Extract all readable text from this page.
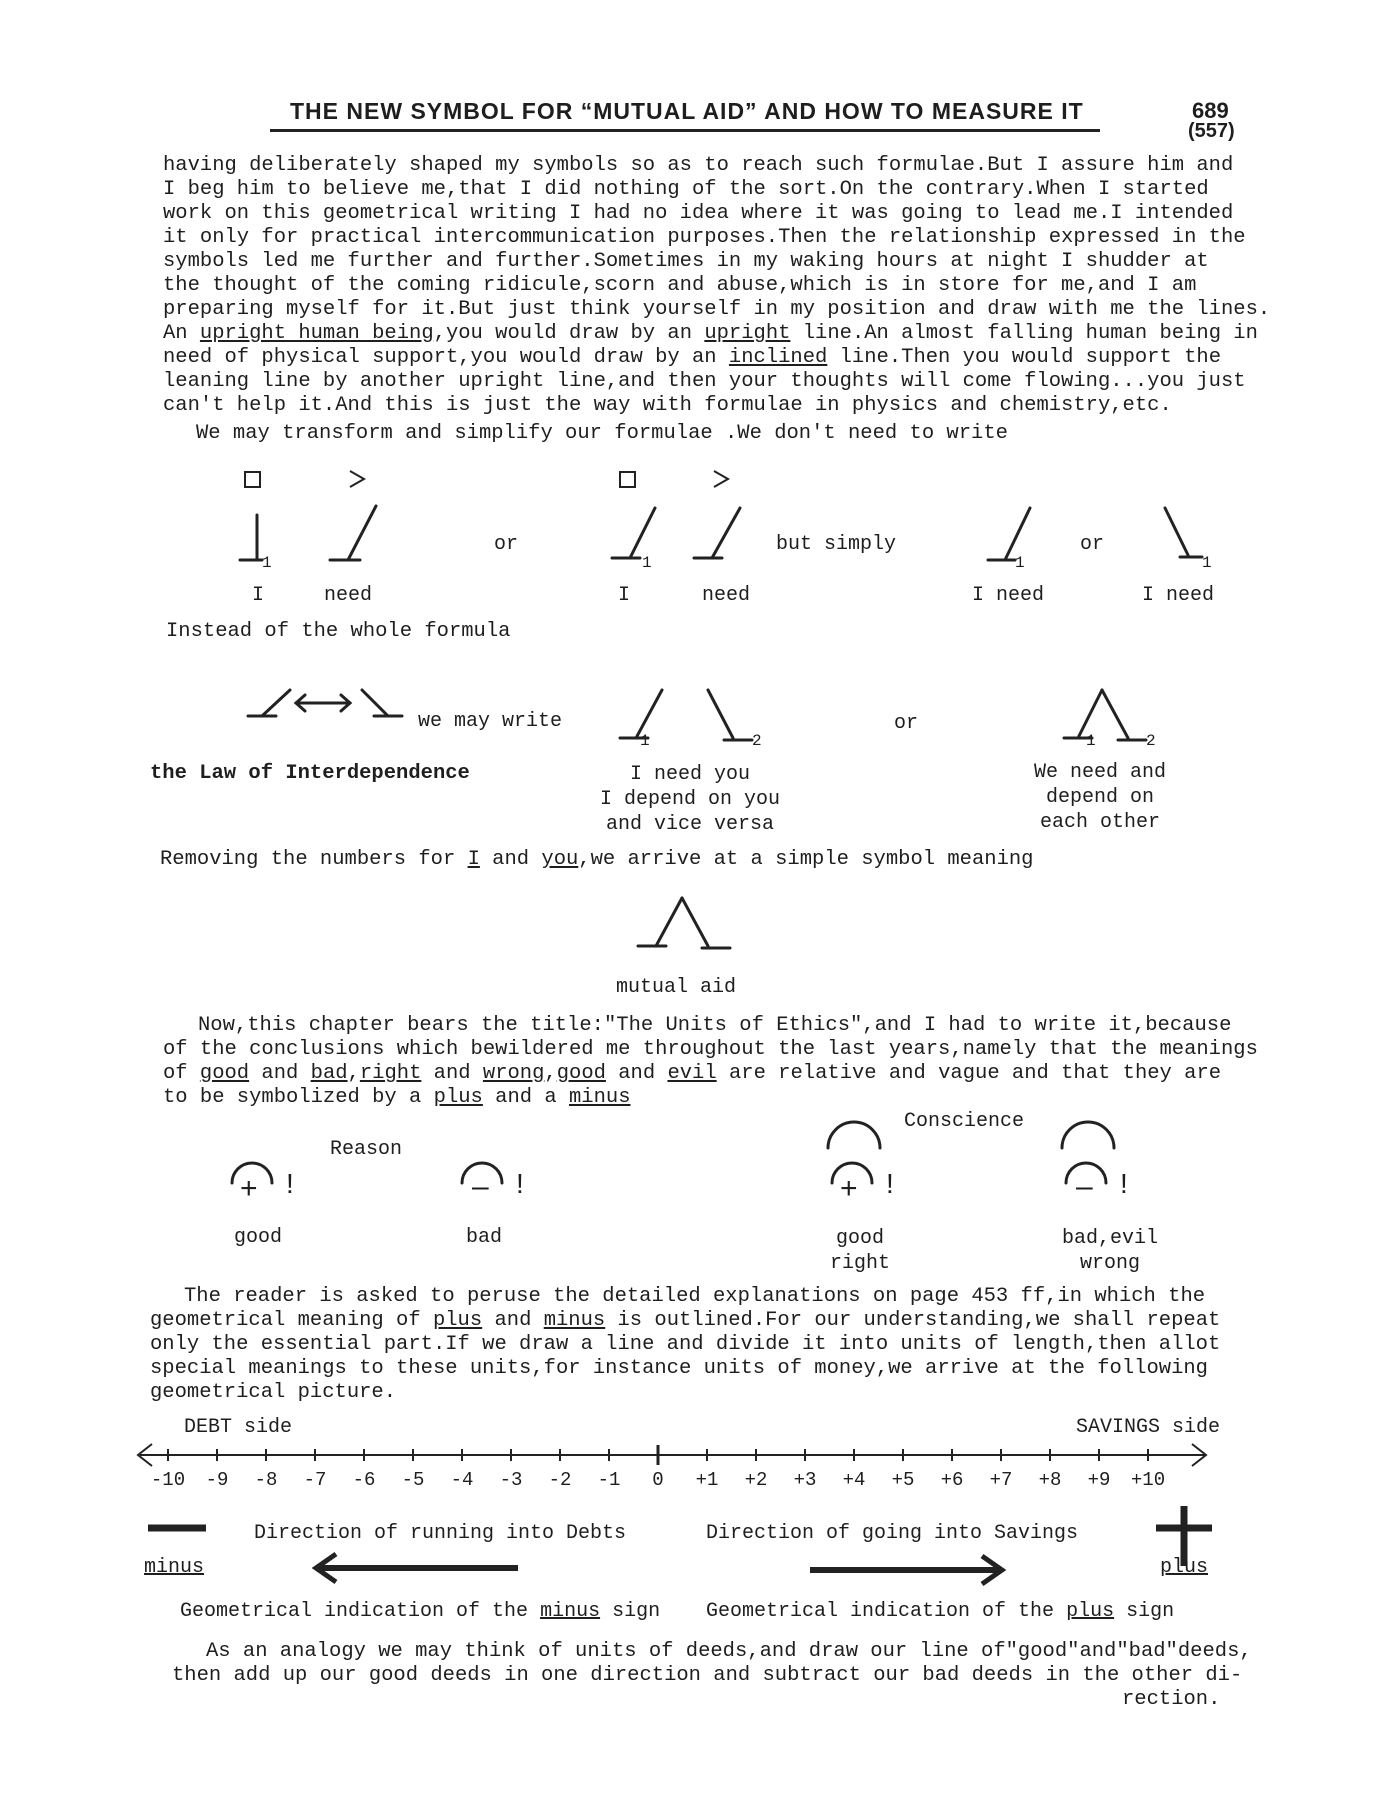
THE NEW SYMBOL FOR “MUTUAL AID” AND HOW TO MEASURE IT	689
(557)
having deliberately shaped my symbols so as to reach such formulae.But I assure him and
I beg him to believe me,that I did nothing of the sort.On the contrary.When I started
work on this geometrical writing I had no idea where it was going to lead me.I intended
it only for practical intercommunication purposes.Then the relationship expressed in the
symbols led me further and further.Sometimes in my waking hours at night I shudder at
the thought of the coming ridicule,scorn and abuse,which is in store for me,and I am
preparing myself for it.But just think yourself in my position and draw with me the lines.
An upright human being,you would draw by an upright line.An almost falling human being in
need of physical support,you would draw by an inclined line.Then you would support the
leaning line by another upright line,and then your thoughts will come flowing...you just
can't help it.And this is just the way with formulae in physics and chemistry,etc.
We may transform and simplify our formulae .We don't need to write
or	but simply	or
1	1	1	1
I	need	I	need	I need	I need
Instead of the whole formula
we may write	or
the Law of Interdependence
1	2	1	2
I need you
I depend on you
and vice versa
We need and
depend on
each other
Removing the numbers for I and you,we arrive at a simple symbol meaning
mutual aid
Now,this chapter bears the title:"The Units of Ethics",and I had to write it,because
of the conclusions which bewildered me throughout the last years,namely that the meanings
of good and bad,right and wrong,good and evil are relative and vague and that they are
to be symbolized by a plus and a minus
Reason
Conscience
+ !	– !	+ !	– !
good	bad	good
right
bad,evil
wrong
The reader is asked to peruse the detailed explanations on page 453 ff,in which the
geometrical meaning of plus and minus is outlined.For our understanding,we shall repeat
only the essential part.If we draw a line and divide it into units of length,then allot
special meanings to these units,for instance units of money,we arrive at the following
geometrical picture.
DEBT side	SAVINGS side
-10	-9	-8	-7	-6	-5	-4	-3	-2	-1	0	+1	+2	+3	+4	+5	+6	+7	+8	+9	+10
Direction of running into Debts	Direction of going into Savings
minus	plus
Geometrical indication of the minus sign Geometrical indication of the plus sign
As an analogy we may think of units of deeds,and draw our line of"good"and"bad"deeds,
then add up our good deeds in one direction and subtract our bad deeds in the other di-
rection.
